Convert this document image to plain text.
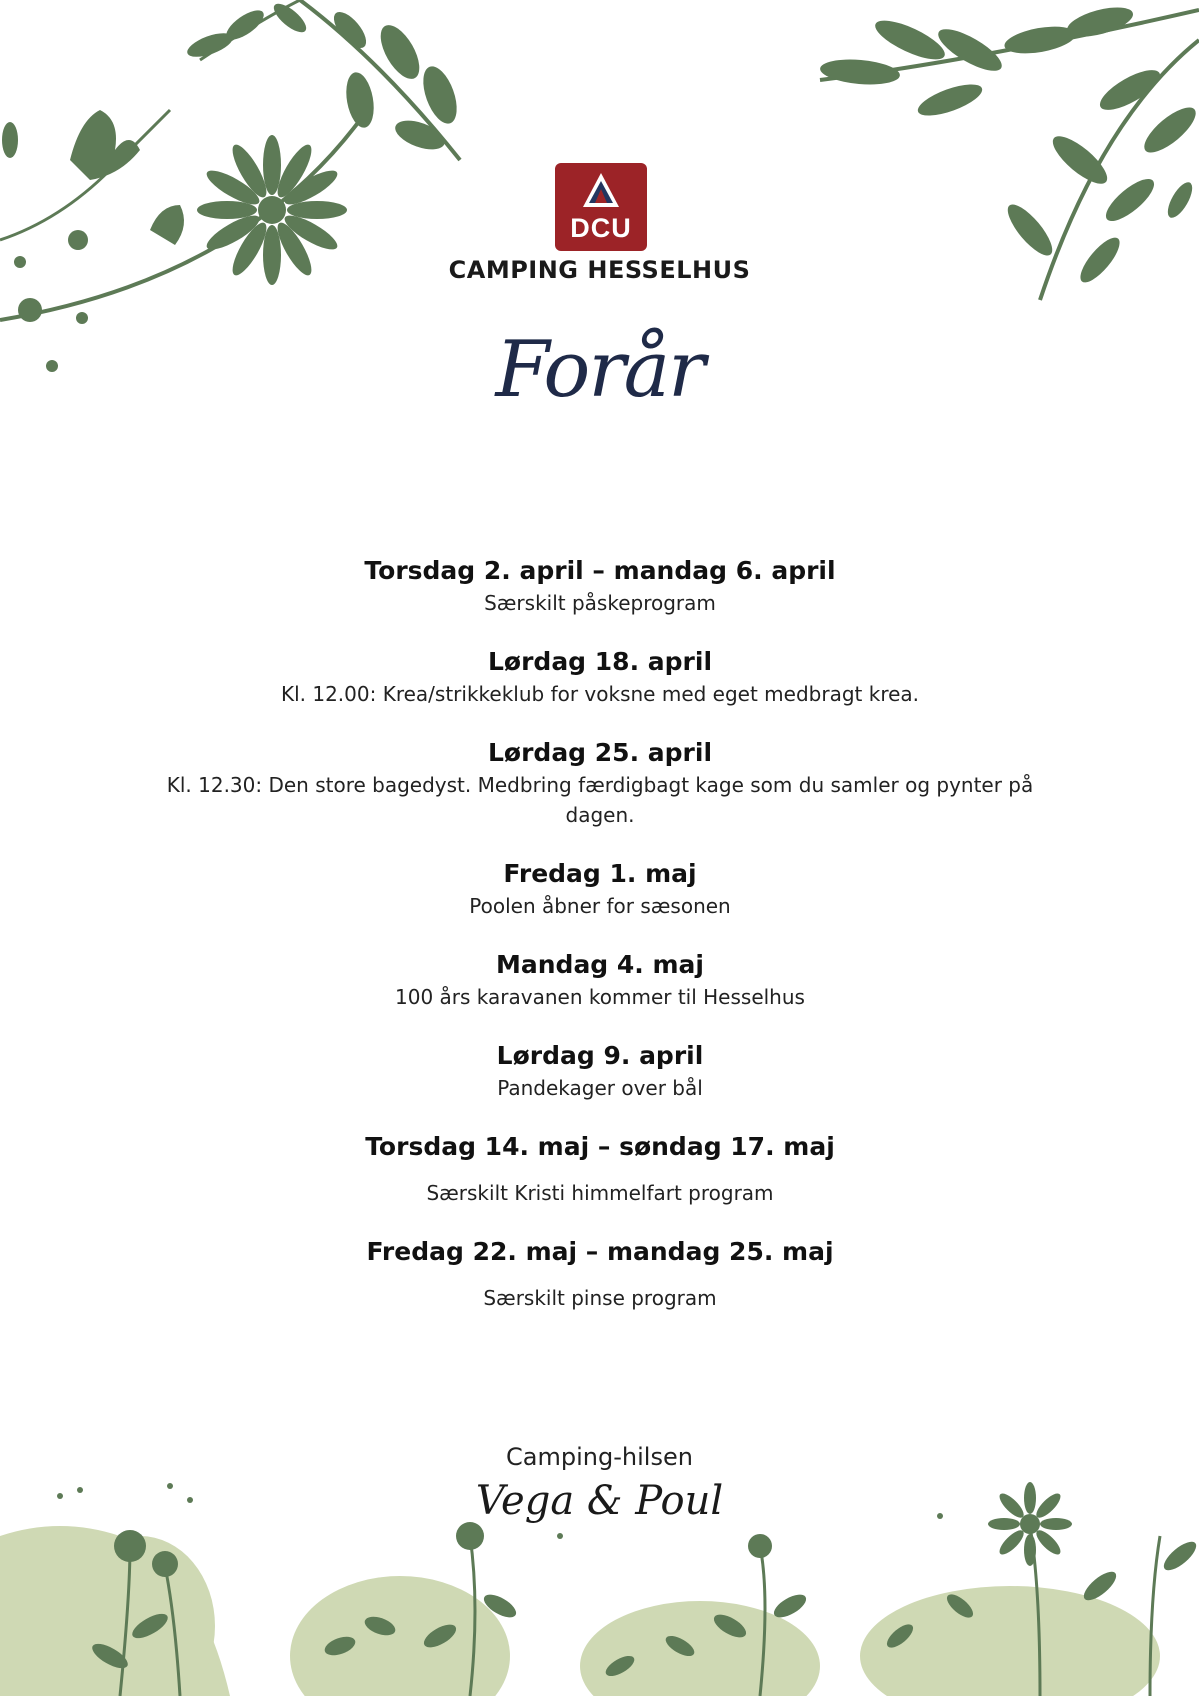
DCU
CAMPING HESSELHUS
Forår
Torsdag 2. april – mandag 6. april
Særskilt påskeprogram
Lørdag 18. april
Kl. 12.00: Krea/strikkeklub for voksne med eget medbragt krea.
Lørdag 25. april
Kl. 12.30: Den store bagedyst. Medbring færdigbagt kage som du samler og pynter på dagen.
Fredag 1. maj
Poolen åbner for sæsonen
Mandag 4. maj
100 års karavanen kommer til Hesselhus
Lørdag 9. april
Pandekager over bål
Torsdag 14. maj – søndag 17. maj
Særskilt Kristi himmelfart program
Fredag 22. maj – mandag 25. maj
Særskilt pinse program
Camping-hilsen
Vega & Poul
